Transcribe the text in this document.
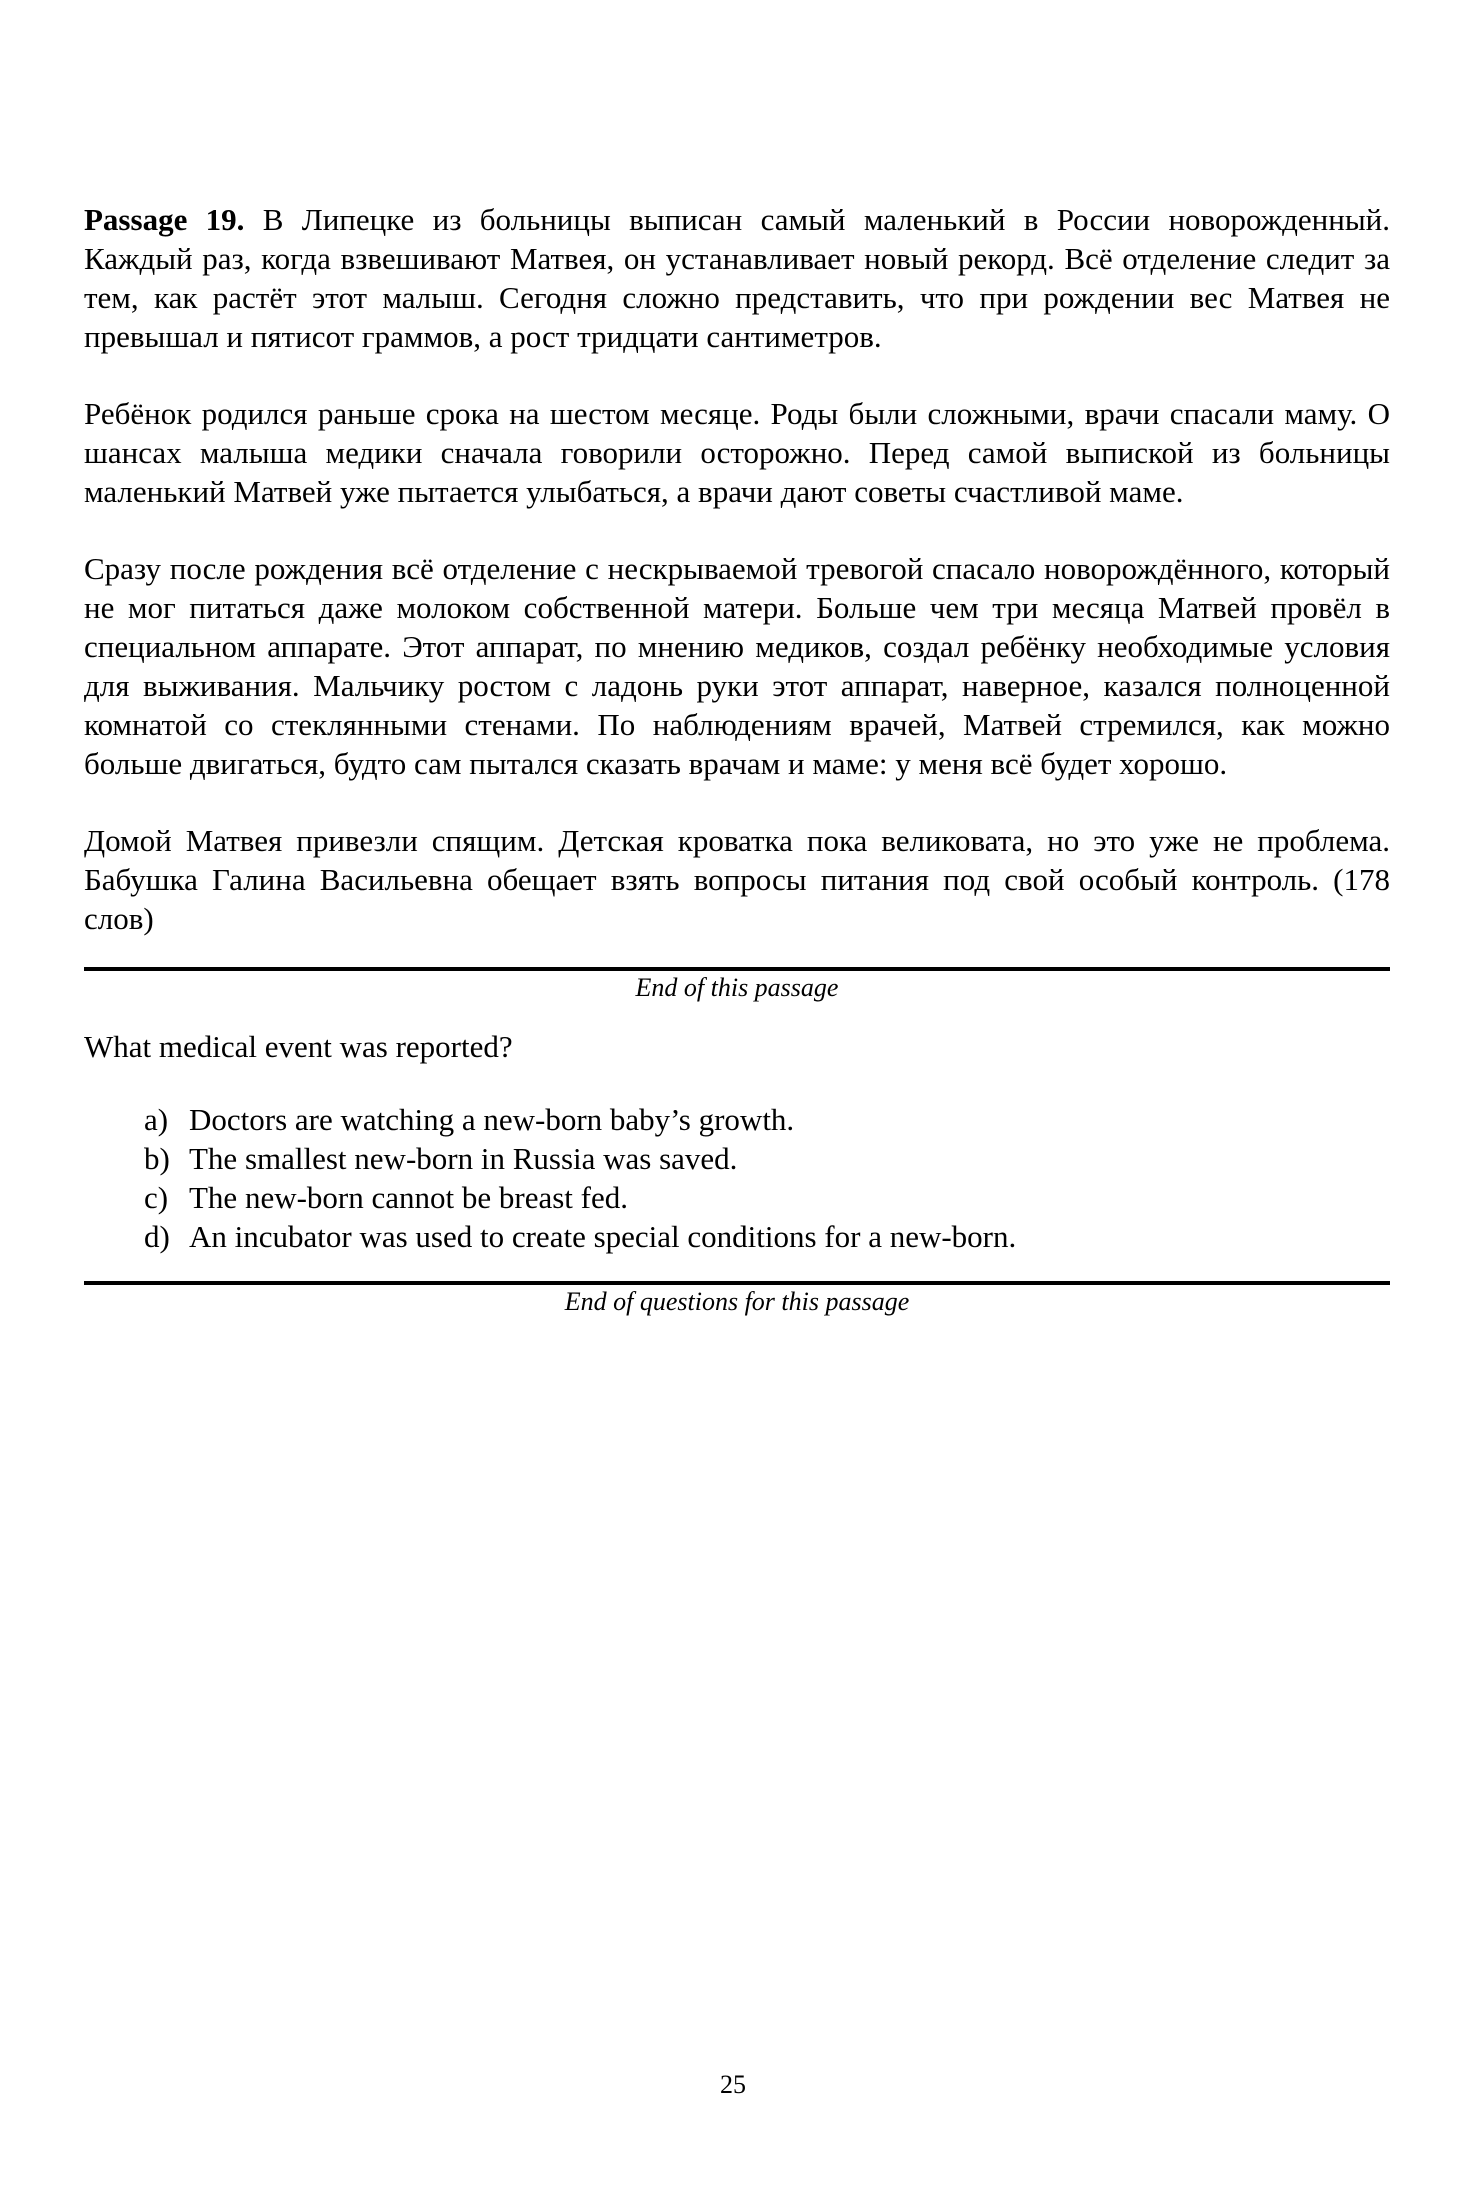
Passage 19. В Липецке из больницы выписан самый маленький в России новорожденный. Каждый раз, когда взвешивают Матвея, он устанавливает новый рекорд. Всё отделение следит за тем, как растёт этот малыш. Сегодня сложно представить, что при рождении вес Матвея не превышал и пятисот граммов, а рост тридцати сантиметров.

Ребёнок родился раньше срока на шестом месяце. Роды были сложными, врачи спасали маму. О шансах малыша медики сначала говорили осторожно. Перед самой выпиской из больницы маленький Матвей уже пытается улыбаться, а врачи дают советы счастливой маме.

Сразу после рождения всё отделение с нескрываемой тревогой спасало новорождённого, который не мог питаться даже молоком собственной матери. Больше чем три месяца Матвей провёл в специальном аппарате. Этот аппарат, по мнению медиков, создал ребёнку необходимые условия для выживания. Мальчику ростом с ладонь руки этот аппарат, наверное, казался полноценной комнатой со стеклянными стенами. По наблюдениям врачей, Матвей стремился, как можно больше двигаться, будто сам пытался сказать врачам и маме: у меня всё будет хорошо.

Домой Матвея привезли спящим. Детская кроватка пока великовата, но это уже не проблема. Бабушка Галина Васильевна обещает взять вопросы питания под свой особый контроль. (178 слов)

End of this passage
What medical event was reported?
a) Doctors are watching a new-born baby’s growth.
b) The smallest new-born in Russia was saved.
c) The new-born cannot be breast fed.
d) An incubator was used to create special conditions for a new-born.
End of questions for this passage
25
